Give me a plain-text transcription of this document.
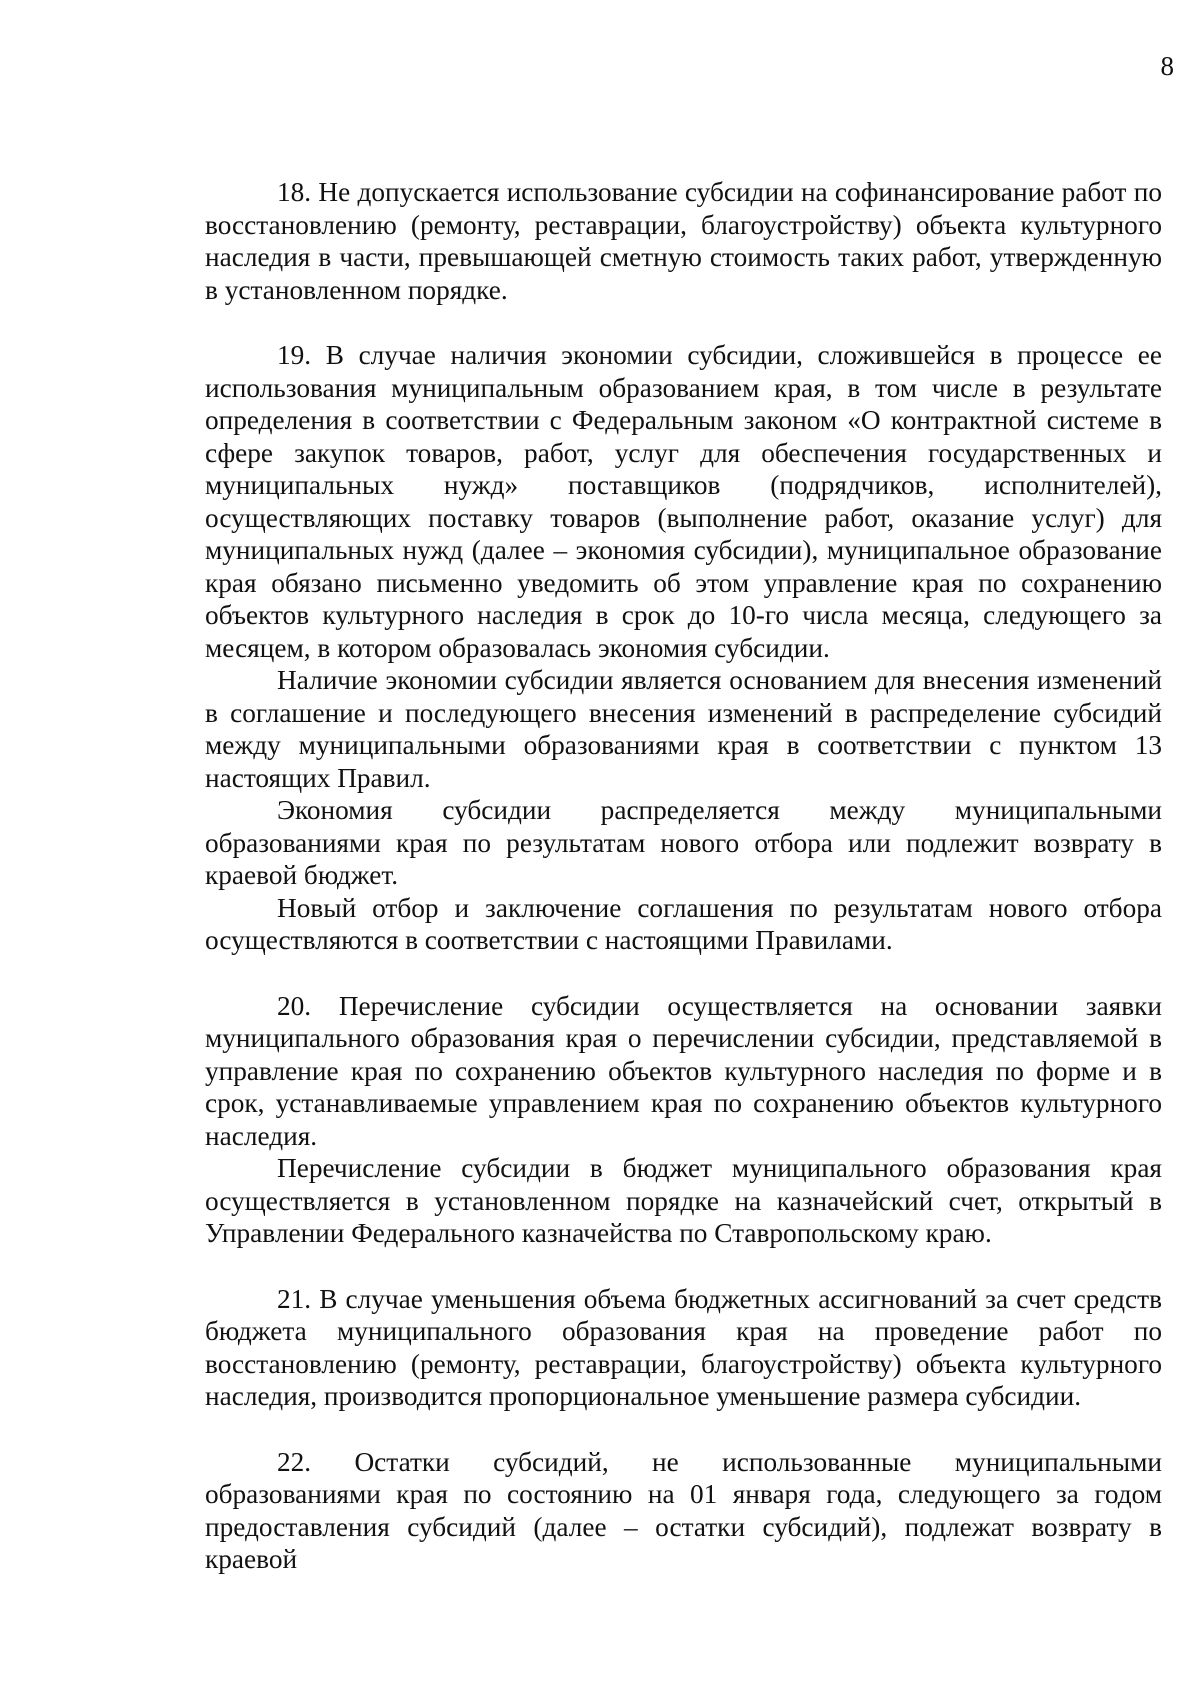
8

18. Не допускается использование субсидии на софинансирование работ по восстановлению (ремонту, реставрации, благоустройству) объекта культурного наследия в части, превышающей сметную стоимость таких работ, утвержденную в установленном порядке.

19. В случае наличия экономии субсидии, сложившейся в процессе ее использования муниципальным образованием края, в том числе в результате определения в соответствии с Федеральным законом «О контрактной системе в сфере закупок товаров, работ, услуг для обеспечения государственных и муниципальных нужд» поставщиков (подрядчиков, исполнителей), осуществляющих поставку товаров (выполнение работ, оказание услуг) для муниципальных нужд (далее – экономия субсидии), муниципальное образование края обязано письменно уведомить об этом управление края по сохранению объектов культурного наследия в срок до 10-го числа месяца, следующего за месяцем, в котором образовалась экономия субсидии.

Наличие экономии субсидии является основанием для внесения изменений в соглашение и последующего внесения изменений в распределение субсидий между муниципальными образованиями края в соответствии с пунктом 13 настоящих Правил.

Экономия субсидии распределяется между муниципальными образованиями края по результатам нового отбора или подлежит возврату в краевой бюджет.

Новый отбор и заключение соглашения по результатам нового отбора осуществляются в соответствии с настоящими Правилами.

20. Перечисление субсидии осуществляется на основании заявки муниципального образования края о перечислении субсидии, представляемой в управление края по сохранению объектов культурного наследия по форме и в срок, устанавливаемые управлением края по сохранению объектов культурного наследия.

Перечисление субсидии в бюджет муниципального образования края осуществляется в установленном порядке на казначейский счет, открытый в Управлении Федерального казначейства по Ставропольскому краю.

21. В случае уменьшения объема бюджетных ассигнований за счет средств бюджета муниципального образования края на проведение работ по восстановлению (ремонту, реставрации, благоустройству) объекта культурного наследия, производится пропорциональное уменьшение размера субсидии.

22. Остатки субсидий, не использованные муниципальными образованиями края по состоянию на 01 января года, следующего за годом предоставления субсидий (далее – остатки субсидий), подлежат возврату в краевой
